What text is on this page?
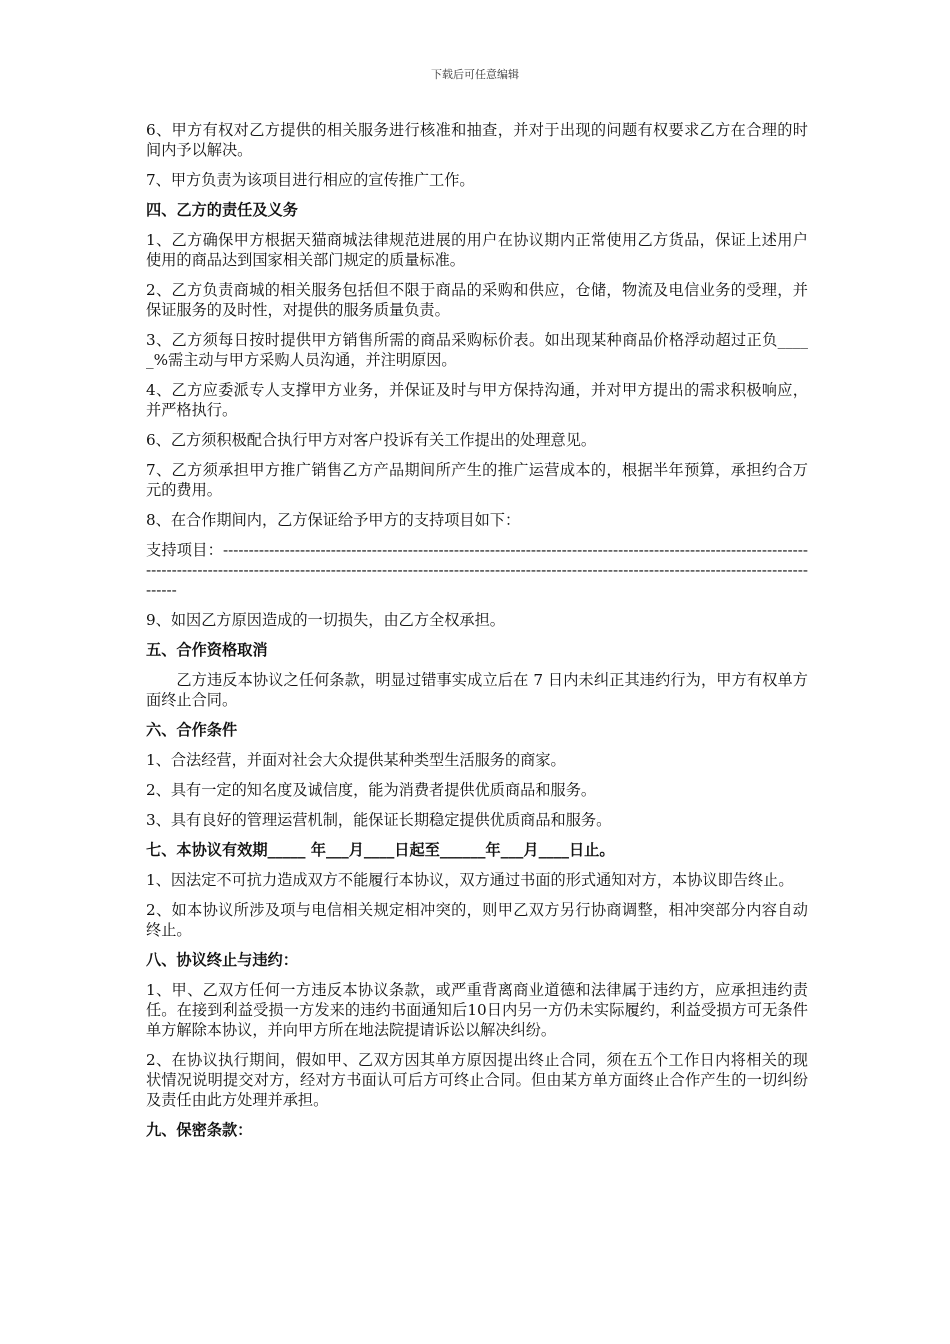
下载后可任意编辑
6、甲方有权对乙方提供的相关服务进行核准和抽查，并对于出现的问题有权要求乙方在合理的时间内予以解决。
7、甲方负责为该项目进行相应的宣传推广工作。
四、乙方的责任及义务
1、乙方确保甲方根据天猫商城法律规范进展的用户在协议期内正常使用乙方货品，保证上述用户使用的商品达到国家相关部门规定的质量标准。
2、乙方负责商城的相关服务包括但不限于商品的采购和供应，仓储，物流及电信业务的受理，并保证服务的及时性，对提供的服务质量负责。
3、乙方须每日按时提供甲方销售所需的商品采购标价表。如出现某种商品价格浮动超过正负_____%需主动与甲方采购人员沟通，并注明原因。
4、乙方应委派专人支撑甲方业务，并保证及时与甲方保持沟通，并对甲方提出的需求积极响应，并严格执行。
6、乙方须积极配合执行甲方对客户投诉有关工作提出的处理意见。
7、乙方须承担甲方推广销售乙方产品期间所产生的推广运营成本的，根据半年预算，承担约合万元的费用。
8、在合作期间内，乙方保证给予甲方的支持项目如下：
支持项目：---------------------------------------------------------------------------------------------------------------------------------------------------------------------------------------------------------------------------------------------------------
9、如因乙方原因造成的一切损失，由乙方全权承担。
五、合作资格取消
乙方违反本协议之任何条款，明显过错事实成立后在 7 日内未纠正其违约行为，甲方有权单方面终止合同。
六、合作条件
1、合法经营，并面对社会大众提供某种类型生活服务的商家。
2、具有一定的知名度及诚信度，能为消费者提供优质商品和服务。
3、具有良好的管理运营机制，能保证长期稳定提供优质商品和服务。
七、本协议有效期_____ 年___月____日起至______年___月____日止。
1、因法定不可抗力造成双方不能履行本协议，双方通过书面的形式通知对方，本协议即告终止。
2、如本协议所涉及项与电信相关规定相冲突的，则甲乙双方另行协商调整，相冲突部分内容自动终止。
八、协议终止与违约：
1、甲、乙双方任何一方违反本协议条款，或严重背离商业道德和法律属于违约方，应承担违约责任。在接到利益受损一方发来的违约书面通知后10日内另一方仍未实际履约，利益受损方可无条件单方解除本协议，并向甲方所在地法院提请诉讼以解决纠纷。
2、在协议执行期间，假如甲、乙双方因其单方原因提出终止合同，须在五个工作日内将相关的现状情况说明提交对方，经对方书面认可后方可终止合同。但由某方单方面终止合作产生的一切纠纷及责任由此方处理并承担。
九、保密条款：
